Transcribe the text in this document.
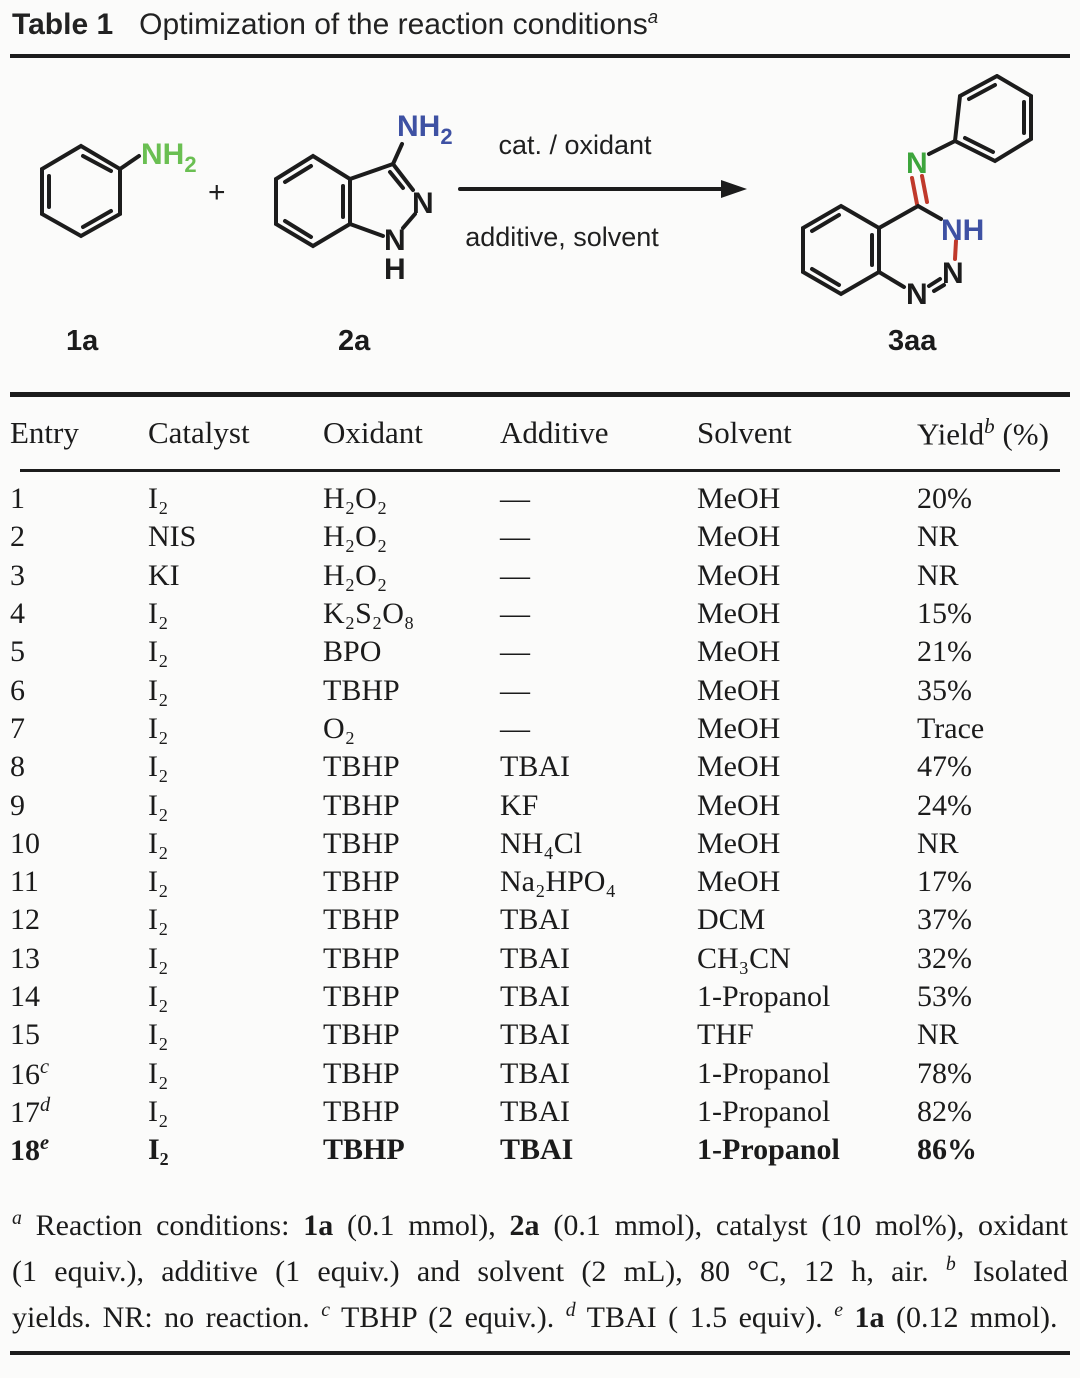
Table 1 Optimization of the reaction conditions$^a$
$NH_2$
+
1a
$NH_2$
N
N
H
2a
cat. / oxidant
additive, solvent
N
NH
N
N
3aa
Entry	Catalyst	Oxidant	Additive	Solvent	Yield$^b$ (%)
1	I₂	H₂O₂	—	MeOH	20%
2	NIS	H₂O₂	—	MeOH	NR
3	KI	H₂O₂	—	MeOH	NR
4	I₂	K₂S₂O₈	—	MeOH	15%
5	I₂	BPO	—	MeOH	21%
6	I₂	TBHP	—	MeOH	35%
7	I₂	O₂	—	MeOH	Trace
8	I₂	TBHP	TBAI	MeOH	47%
9	I₂	TBHP	KF	MeOH	24%
10	I₂	TBHP	NH₄Cl	MeOH	NR
11	I₂	TBHP	Na₂HPO₄	MeOH	17%
12	I₂	TBHP	TBAI	DCM	37%
13	I₂	TBHP	TBAI	CH₃CN	32%
14	I₂	TBHP	TBAI	1-Propanol	53%
15	I₂	TBHP	TBAI	THF	NR
16$^c$	I₂	TBHP	TBAI	1-Propanol	78%
17$^d$	I₂	TBHP	TBAI	1-Propanol	82%
18e	I₂	TBHP	TBAI	1-Propanol	86%

$^a$ Reaction conditions: 1a (0.1 mmol), 2a (0.1 mmol), catalyst (10 mol%), oxidant (1 equiv.), additive (1 equiv.) and solvent (2 mL), 80 °C, 12 h, air. $^b$ Isolated yields. NR: no reaction. $^c$ TBHP (2 equiv.). $^d$ TBAI ( 1.5 equiv). $^e$ 1a (0.12 mmol).
